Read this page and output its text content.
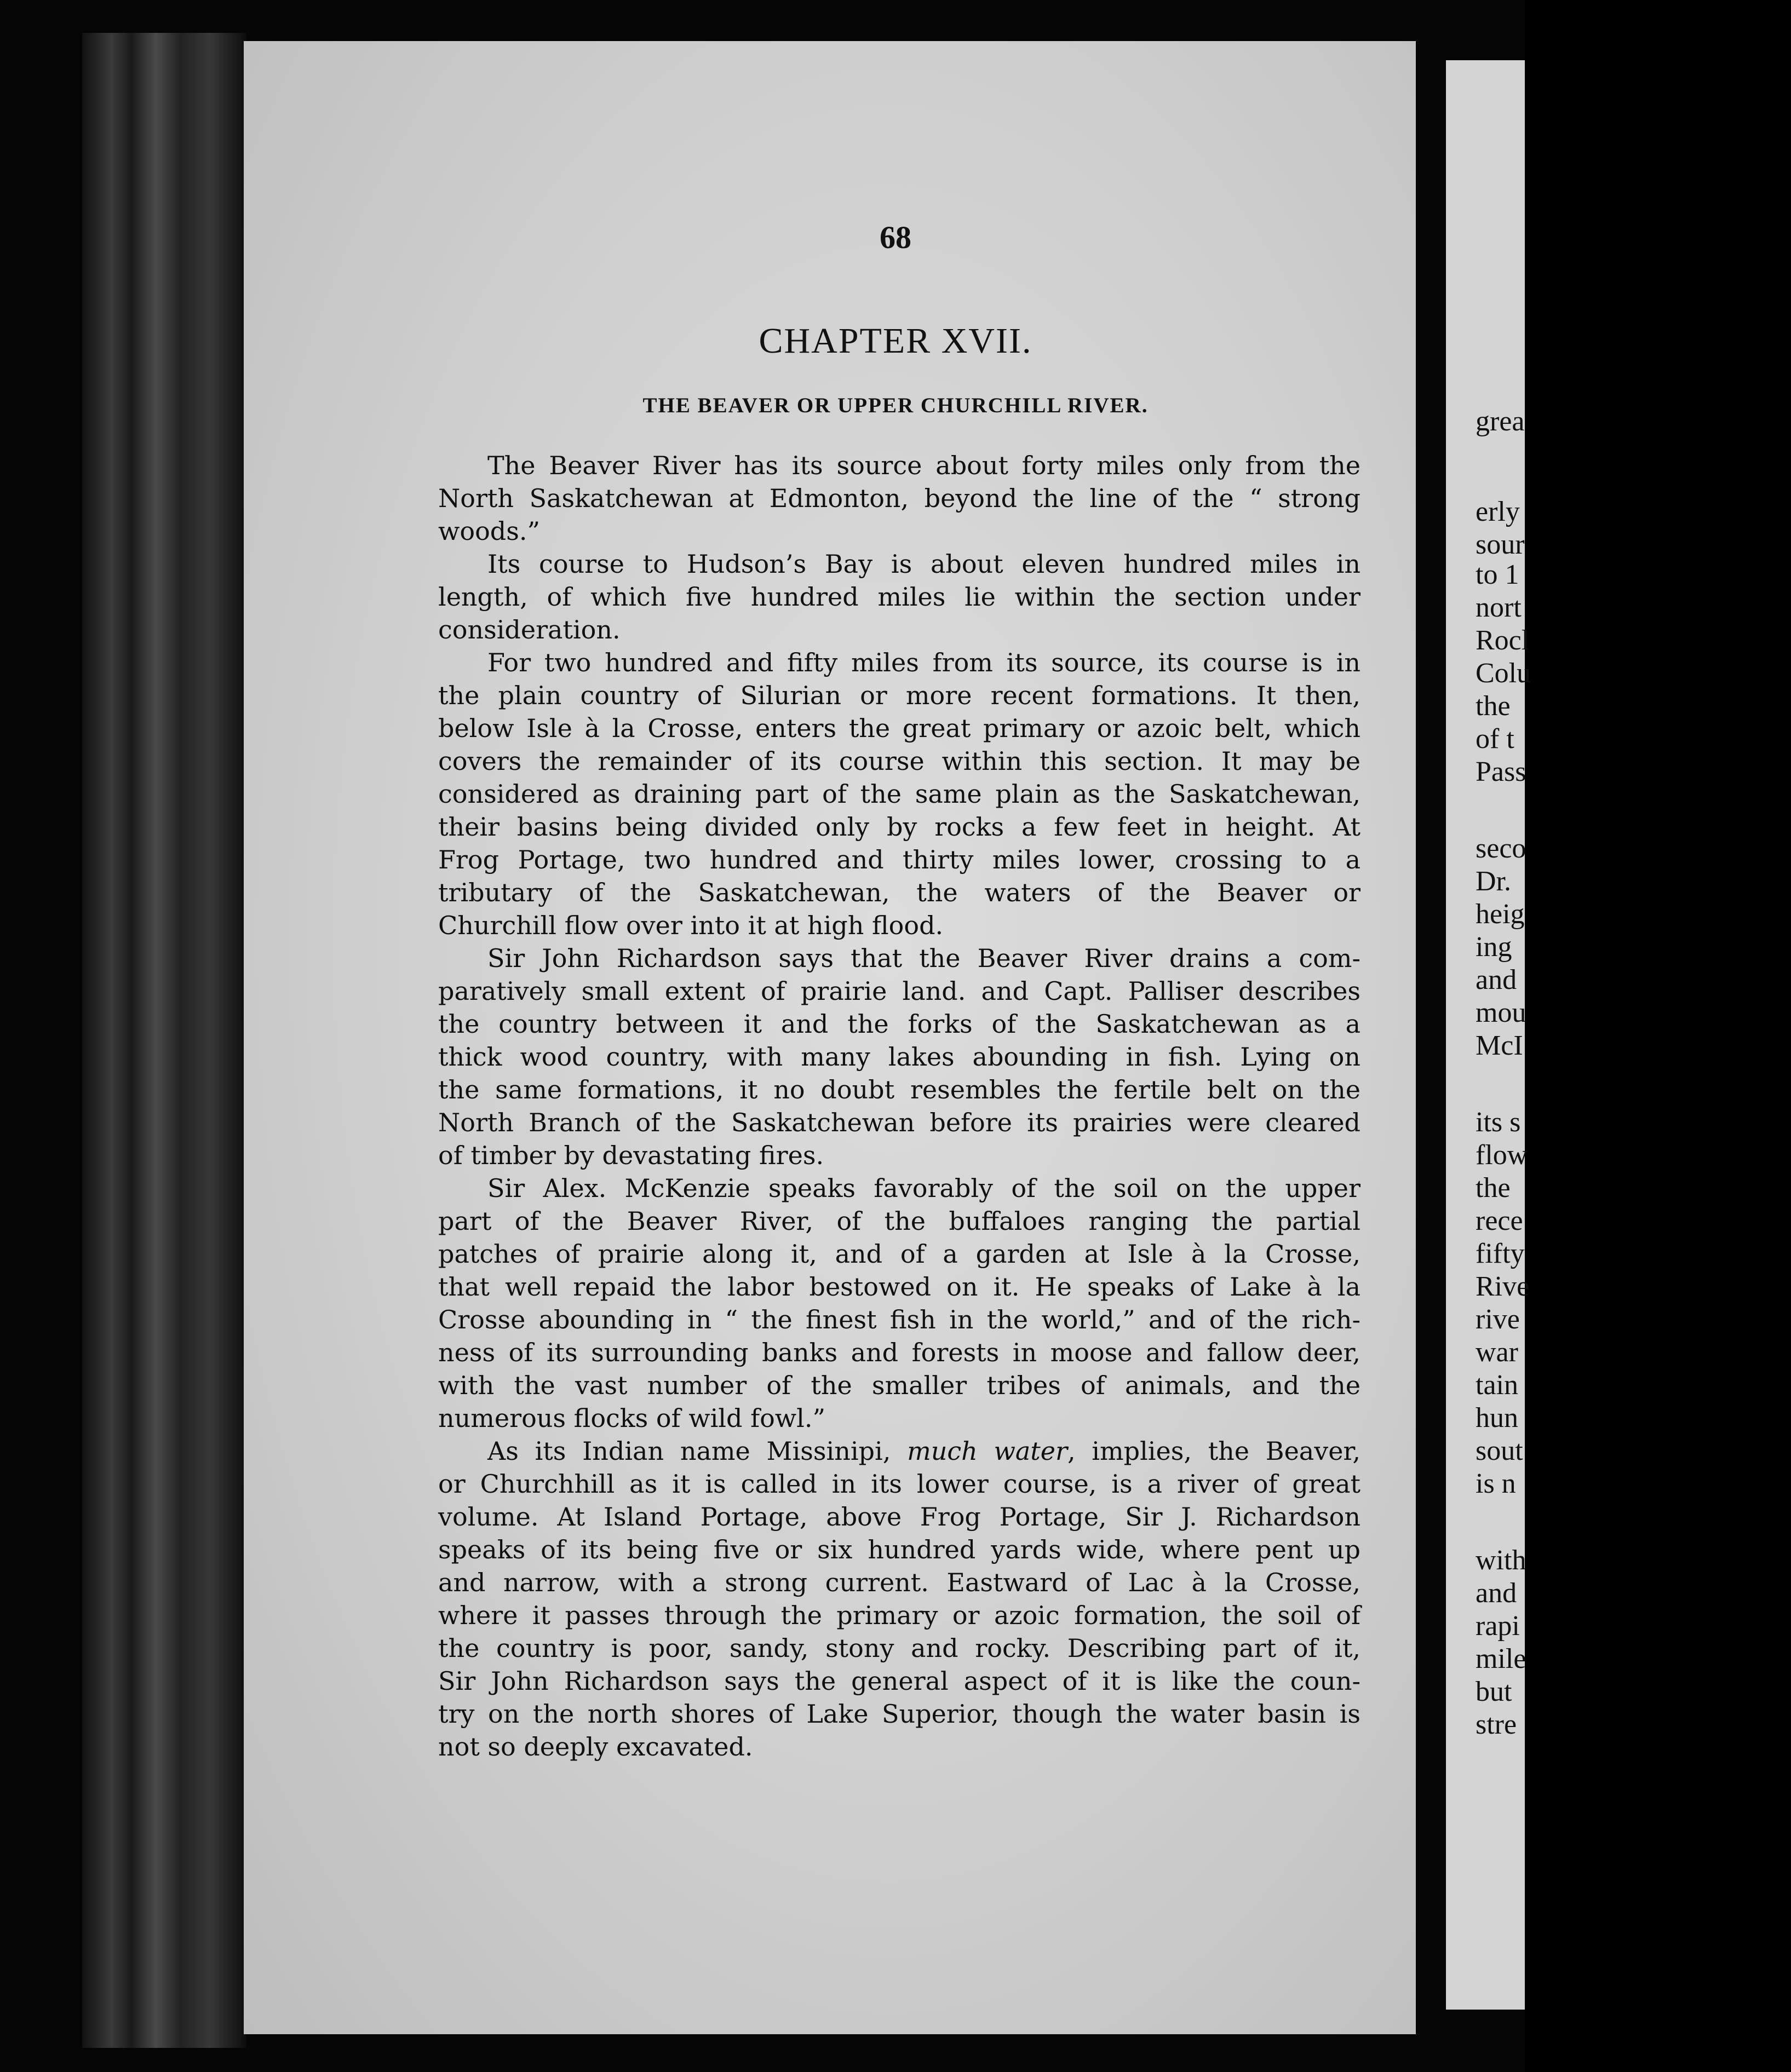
grea
erly
sour
to 1
nort
Rocl
Colu
the
of t
Pass
seco
Dr.
heig
ing
and
mou
McI
its s
flow
the
rece
fifty
Rive
rive
war
tain
hun
sout
is n
with
and
rapi
mile
but
stre
68
CHAPTER XVII.
THE BEAVER OR UPPER CHURCHILL RIVER.
The Beaver River has its source about forty miles only from the
North Saskatchewan at Edmonton, beyond the line of the “ strong
woods.”
Its course to Hudson’s Bay is about eleven hundred miles in
length, of which five hundred miles lie within the section under
consideration.
For two hundred and fifty miles from its source, its course is in
the plain country of Silurian or more recent formations. It then,
below Isle à la Crosse, enters the great primary or azoic belt, which
covers the remainder of its course within this section. It may be
considered as draining part of the same plain as the Saskatchewan,
their basins being divided only by rocks a few feet in height. At
Frog Portage, two hundred and thirty miles lower, crossing to a
tributary of the Saskatchewan, the waters of the Beaver or
Churchill flow over into it at high flood.
Sir John Richardson says that the Beaver River drains a com-
paratively small extent of prairie land. and Capt. Palliser describes
the country between it and the forks of the Saskatchewan as a
thick wood country, with many lakes abounding in fish. Lying on
the same formations, it no doubt resembles the fertile belt on the
North Branch of the Saskatchewan before its prairies were cleared
of timber by devastating fires.
Sir Alex. McKenzie speaks favorably of the soil on the upper
part of the Beaver River, of the buffaloes ranging the partial
patches of prairie along it, and of a garden at Isle à la Crosse,
that well repaid the labor bestowed on it. He speaks of Lake à la
Crosse abounding in “ the finest fish in the world,” and of the rich-
ness of its surrounding banks and forests in moose and fallow deer,
with the vast number of the smaller tribes of animals, and the
numerous flocks of wild fowl.”
As its Indian name Missinipi, much water, implies, the Beaver,
or Churchhill as it is called in its lower course, is a river of great
volume. At Island Portage, above Frog Portage, Sir J. Richardson
speaks of its being five or six hundred yards wide, where pent up
and narrow, with a strong current. Eastward of Lac à la Crosse,
where it passes through the primary or azoic formation, the soil of
the country is poor, sandy, stony and rocky. Describing part of it,
Sir John Richardson says the general aspect of it is like the coun-
try on the north shores of Lake Superior, though the water basin is
not so deeply excavated.
